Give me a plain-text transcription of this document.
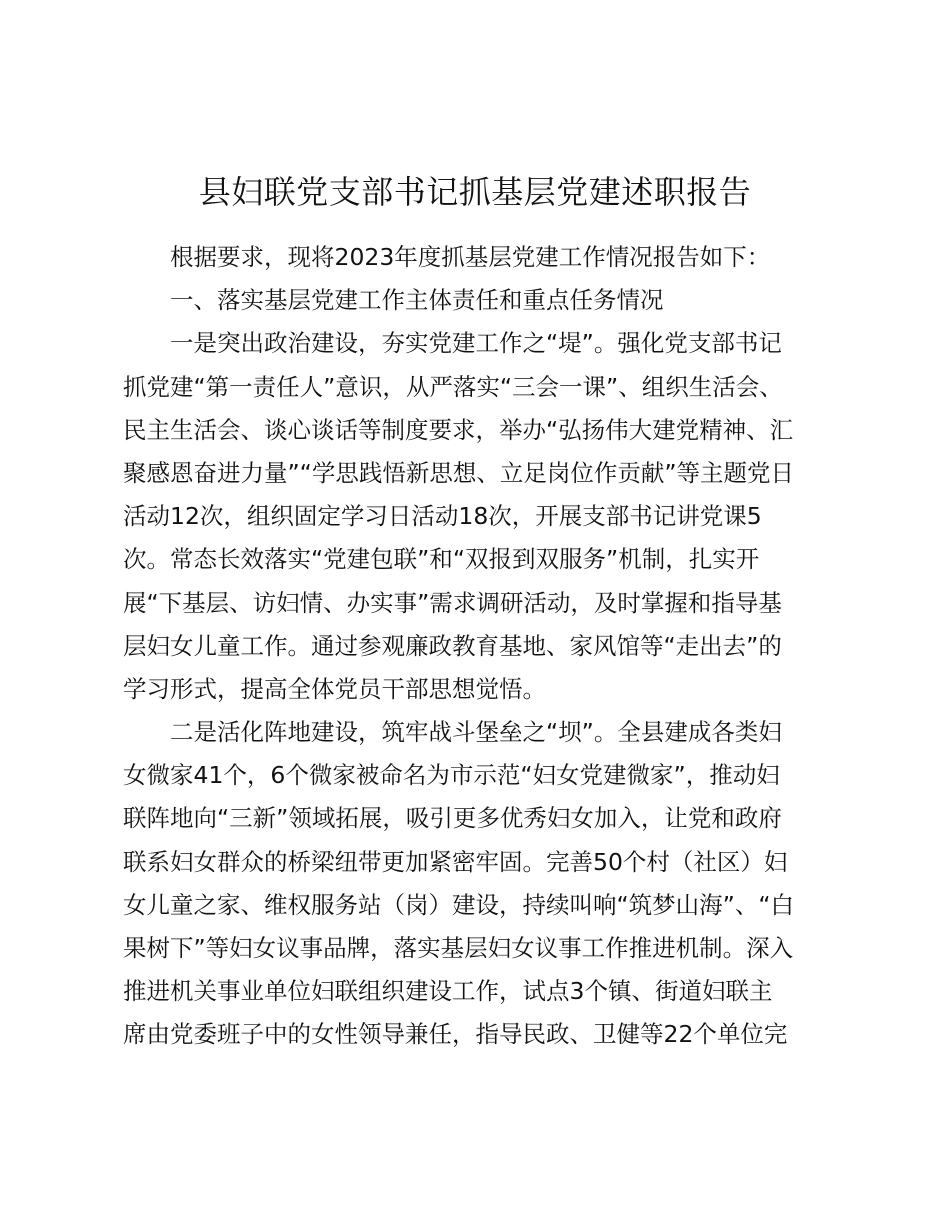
县妇联党支部书记抓基层党建述职报告
　　根据要求，现将2023年度抓基层党建工作情况报告如下：
　　一、落实基层党建工作主体责任和重点任务情况
　　一是突出政治建设，夯实党建工作之“堤”。强化党支部书记
抓党建“第一责任人”意识，从严落实“三会一课”、组织生活会、
民主生活会、谈心谈话等制度要求，举办“弘扬伟大建党精神、汇
聚感恩奋进力量”“学思践悟新思想、立足岗位作贡献”等主题党日
活动12次，组织固定学习日活动18次，开展支部书记讲党课5
次。常态长效落实“党建包联”和“双报到双服务”机制，扎实开
展“下基层、访妇情、办实事”需求调研活动，及时掌握和指导基
层妇女儿童工作。通过参观廉政教育基地、家风馆等“走出去”的
学习形式，提高全体党员干部思想觉悟。
　　二是活化阵地建设，筑牢战斗堡垒之“坝”。全县建成各类妇
女微家41个，6个微家被命名为市示范“妇女党建微家”，推动妇
联阵地向“三新”领域拓展，吸引更多优秀妇女加入，让党和政府
联系妇女群众的桥梁纽带更加紧密牢固。完善50个村（社区）妇
女儿童之家、维权服务站（岗）建设，持续叫响“筑梦山海”、“白
果树下”等妇女议事品牌，落实基层妇女议事工作推进机制。深入
推进机关事业单位妇联组织建设工作，试点3个镇、街道妇联主
席由党委班子中的女性领导兼任，指导民政、卫健等22个单位完
